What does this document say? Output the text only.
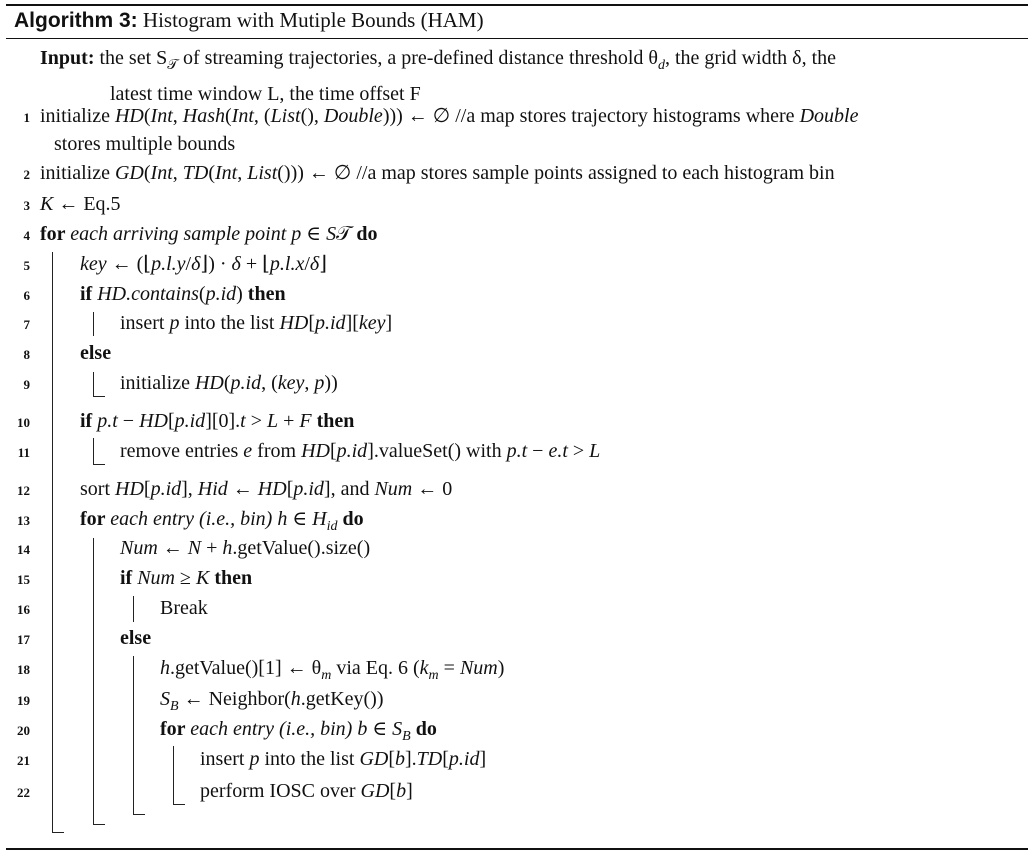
Algorithm 3: Histogram with Mutiple Bounds (HAM)
Input: the set $S_𝒯$ of streaming trajectories, a pre-defined distance threshold $\theta_d$, the grid width δ, the
latest time window L, the time offset F
1 initialize HD(Int, Hash(Int, (List(), Double))) ← ∅ //a map stores trajectory histograms where Double
stores multiple bounds
2 initialize GD(Int, TD(Int, List())) ← ∅ //a map stores sample points assigned to each histogram bin
3 K ← Eq.5
4 for each arriving sample point p ∈ S𝒯 do
5	key ← (⌊p.l.y/δ⌋) · δ + ⌊p.l.x/δ⌋
6	if HD.contains(p.id) then
7	insert p into the list HD[p.id][key]
8	else
9	initialize HD(p.id, (key, p))
10	if p.t − HD[p.id][0].t > L + F then
11	remove entries e from HD[p.id].valueSet() with p.t − e.t > L
12	sort HD[p.id], Hid ← HD[p.id], and Num ← 0
13	for each entry (i.e., bin) h ∈ $H_{id}$ do
14	Num ← N + h.getValue().size()
15	if Num ≥ K then
16	Break
17	else
18	h.getValue()[1] ← $\theta_m$ via Eq. 6 $(k_m = Num)$
19	$S_B$ ← Neighbor(h.getKey())
20	for each entry (i.e., bin) b ∈ $S_B$ do
21	insert p into the list GD[b].TD[p.id]
22	perform IOSC over GD[b]
